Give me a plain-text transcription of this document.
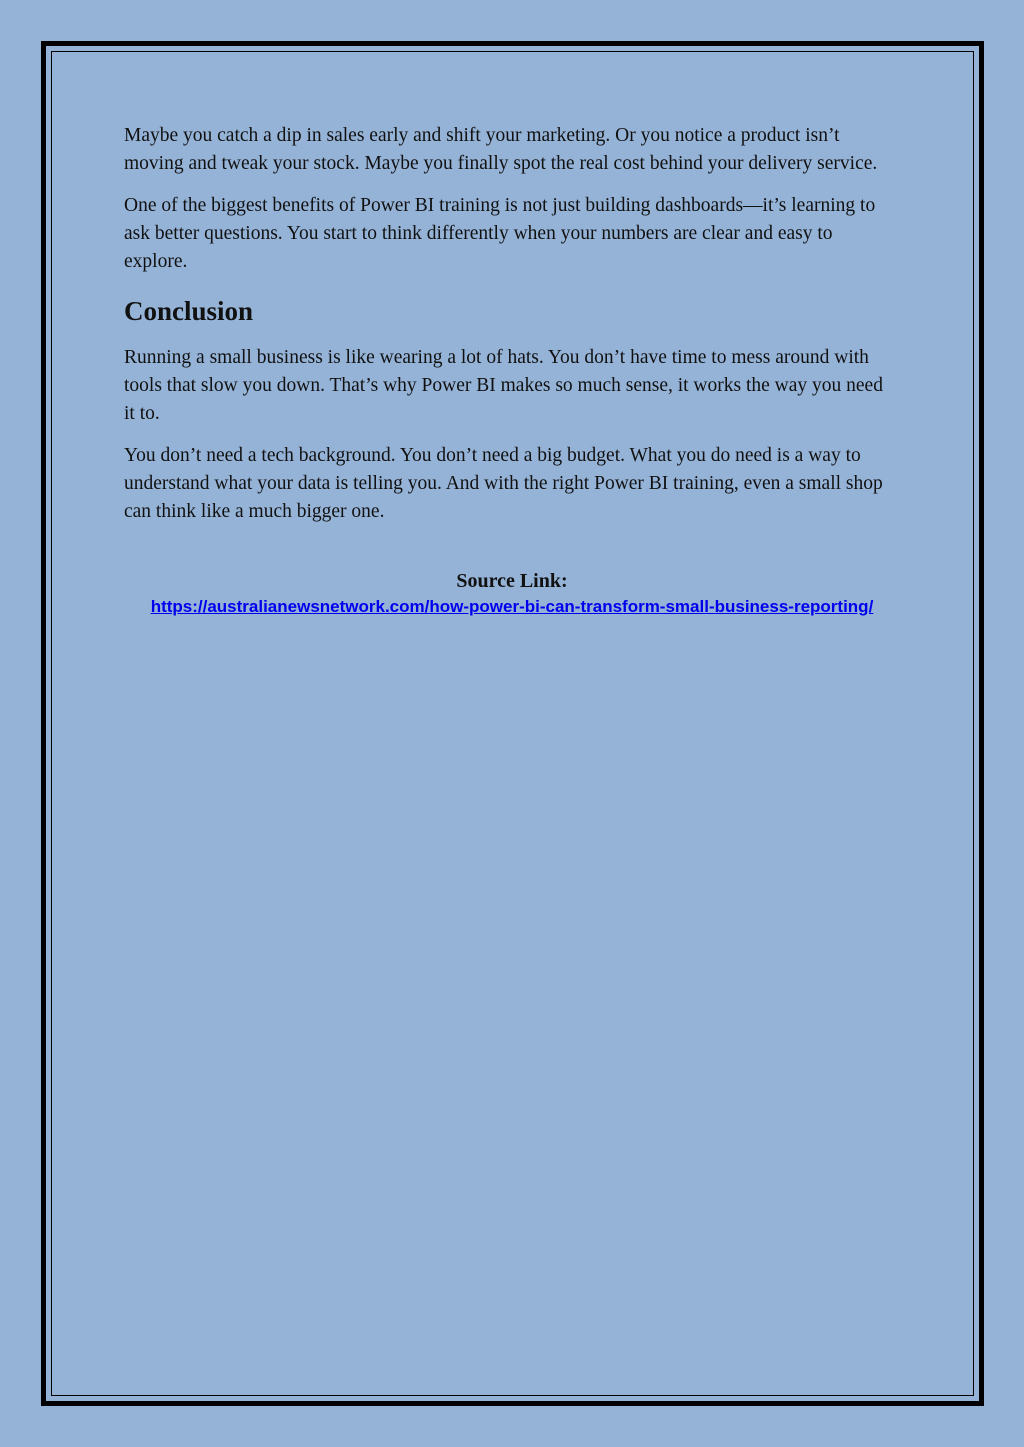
Maybe you catch a dip in sales early and shift your marketing. Or you notice a product isn’t moving and tweak your stock. Maybe you finally spot the real cost behind your delivery service.

One of the biggest benefits of Power BI training is not just building dashboards—it’s learning to ask better questions. You start to think differently when your numbers are clear and easy to explore.

Conclusion

Running a small business is like wearing a lot of hats. You don’t have time to mess around with tools that slow you down. That’s why Power BI makes so much sense, it works the way you need it to.

You don’t need a tech background. You don’t need a big budget. What you do need is a way to understand what your data is telling you. And with the right Power BI training, even a small shop can think like a much bigger one.

Source Link:
https://australianewsnetwork.com/how-power-bi-can-transform-small-business-reporting/
